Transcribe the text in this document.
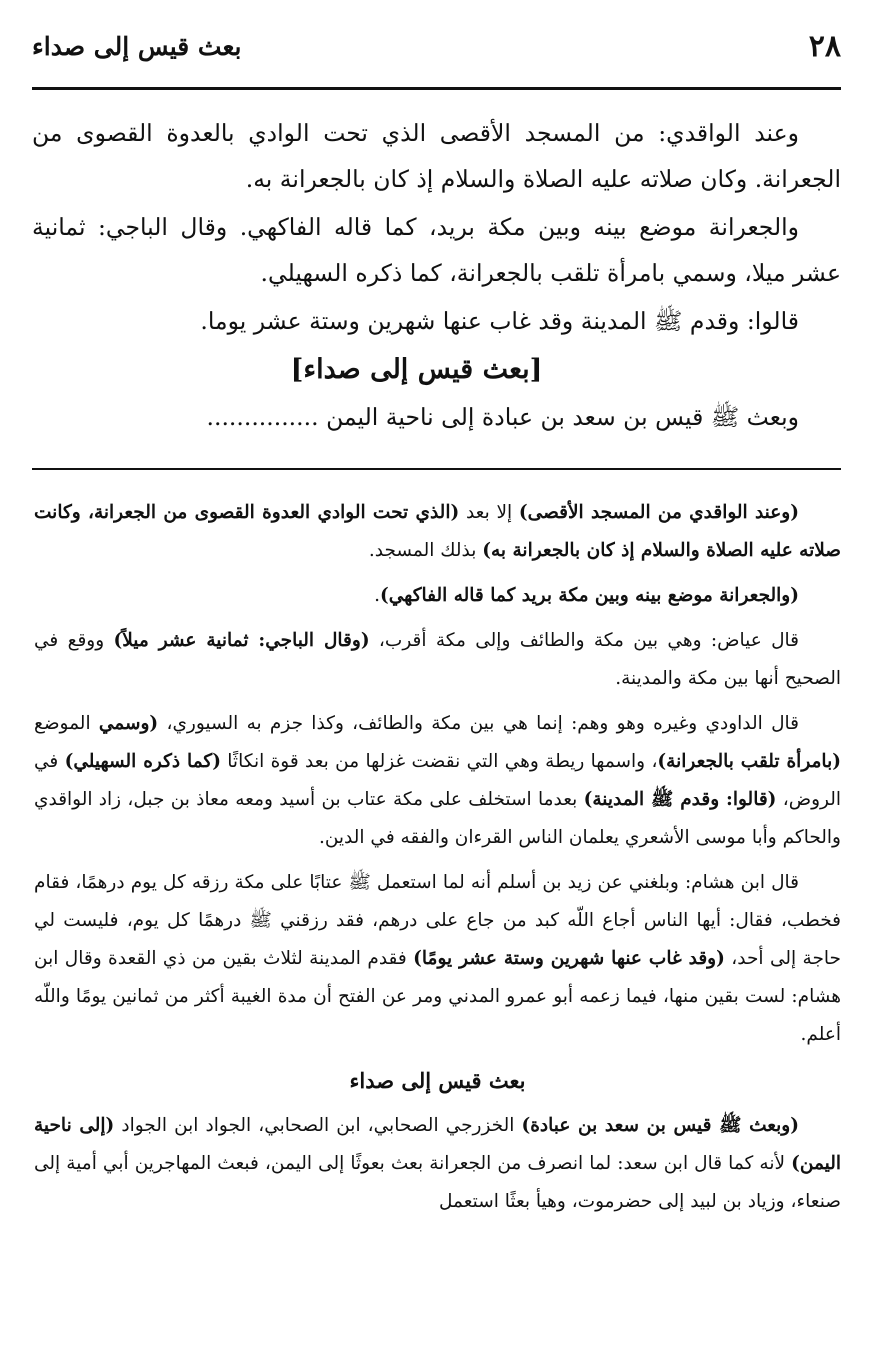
٢٨
بعث قيس إلى صداء

وعند الواقدي: من المسجد الأقصى الذي تحت الوادي بالعدوة القصوى من الجعرانة. وكان صلاته عليه الصلاة والسلام إذ كان بالجعرانة به.

والجعرانة موضع بينه وبين مكة بريد، كما قاله الفاكهي. وقال الباجي: ثمانية عشر ميلا، وسمي بامرأة تلقب بالجعرانة، كما ذكره السهيلي.

قالوا: وقدم ﷺ المدينة وقد غاب عنها شهرين وستة عشر يوما.

[بعث قيس إلى صداء]
وبعث ﷺ قيس بن سعد بن عبادة إلى ناحية اليمن ...............

(وعند الواقدي من المسجد الأقصى) إلا بعد (الذي تحت الوادي العدوة القصوى من الجعرانة، وكانت صلاته عليه الصلاة والسلام إذ كان بالجعرانة به) بذلك المسجد.

(والجعرانة موضع بينه وبين مكة بريد كما قاله الفاكهي).

قال عياض: وهي بين مكة والطائف وإلى مكة أقرب، (وقال الباجي: ثمانية عشر ميلاً) ووقع في الصحيح أنها بين مكة والمدينة.

قال الداودي وغيره وهو وهم: إنما هي بين مكة والطائف، وكذا جزم به السيوري، (وسمي الموضع (بامرأة تلقب بالجعرانة)، واسمها ريطة وهي التي نقضت غزلها من بعد قوة انكاثًا (كما ذكره السهيلي) في الروض، (قالوا: وقدم ﷺ المدينة) بعدما استخلف على مكة عتاب بن أسيد ومعه معاذ بن جبل، زاد الواقدي والحاكم وأبا موسى الأشعري يعلمان الناس القرءان والفقه في الدين.

قال ابن هشام: وبلغني عن زيد بن أسلم أنه لما استعمل ﷺ عتابًا على مكة رزقه كل يوم درهمًا، فقام فخطب، فقال: أيها الناس أجاع اللّه كبد من جاع على درهم، فقد رزقني ﷺ درهمًا كل يوم، فليست لي حاجة إلى أحد، (وقد غاب عنها شهرين وستة عشر يومًا) فقدم المدينة لثلاث بقين من ذي القعدة وقال ابن هشام: لست بقين منها، فيما زعمه أبو عمرو المدني ومر عن الفتح أن مدة الغيبة أكثر من ثمانين يومًا واللّه أعلم.

بعث قيس إلى صداء

(وبعث ﷺ قيس بن سعد بن عبادة) الخزرجي الصحابي، ابن الصحابي، الجواد ابن الجواد (إلى ناحية اليمن) لأنه كما قال ابن سعد: لما انصرف من الجعرانة بعث بعوثًا إلى اليمن، فبعث المهاجرين أبي أمية إلى صنعاء، وزياد بن لبيد إلى حضرموت، وهيأ بعثًا استعمل
